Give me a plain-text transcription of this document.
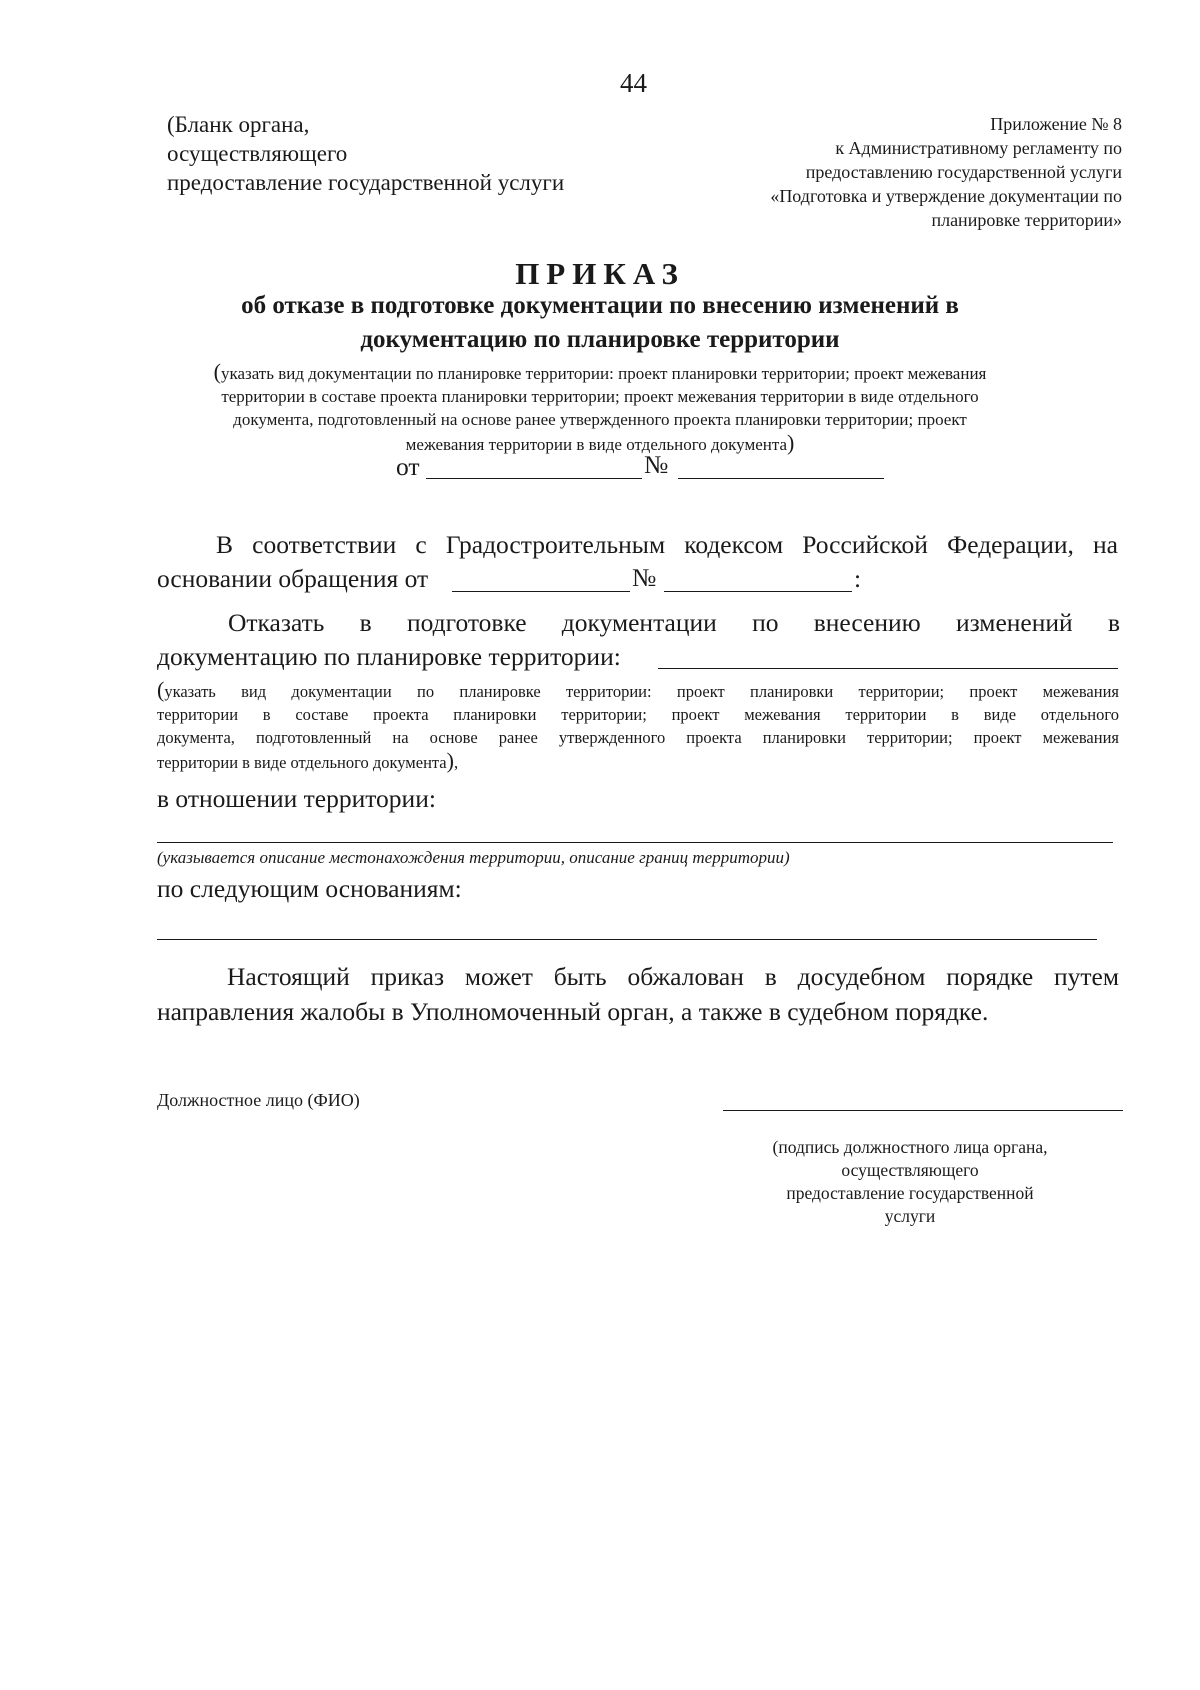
44
(Бланк органа,
осуществляющего
предоставление государственной услуги
Приложение № 8
к Административному регламенту по
предоставлению государственной услуги
«Подготовка и утверждение документации по
планировке территории»
ПРИКАЗ
об отказе в подготовке документации по внесению изменений в
документацию по планировке территории
(указать вид документации по планировке территории: проект планировки территории; проект межевания
территории в составе проекта планировки территории; проект межевания территории в виде отдельного
документа, подготовленный на основе ранее утвержденного проекта планировки территории; проект
межевания территории в виде отдельного документа)
от	№
В соответствии с Градостроительным кодексом Российской Федерации, на
основании обращения от	№	:
Отказать в подготовке документации по внесению изменений в
документацию по планировке территории:
(указать вид документации по планировке территории: проект планировки территории; проект межевания
территории в составе проекта планировки территории; проект межевания территории в виде отдельного
документа, подготовленный на основе ранее утвержденного проекта планировки территории; проект межевания
территории в виде отдельного документа),
в отношении территории:
(указывается описание местонахождения территории, описание границ территории)
по следующим основаниям:
Настоящий приказ может быть обжалован в досудебном порядке путем
направления жалобы в Уполномоченный орган, а также в судебном порядке.
Должностное лицо (ФИО)
(подпись должностного лица органа,
осуществляющего
предоставление государственной
услуги
